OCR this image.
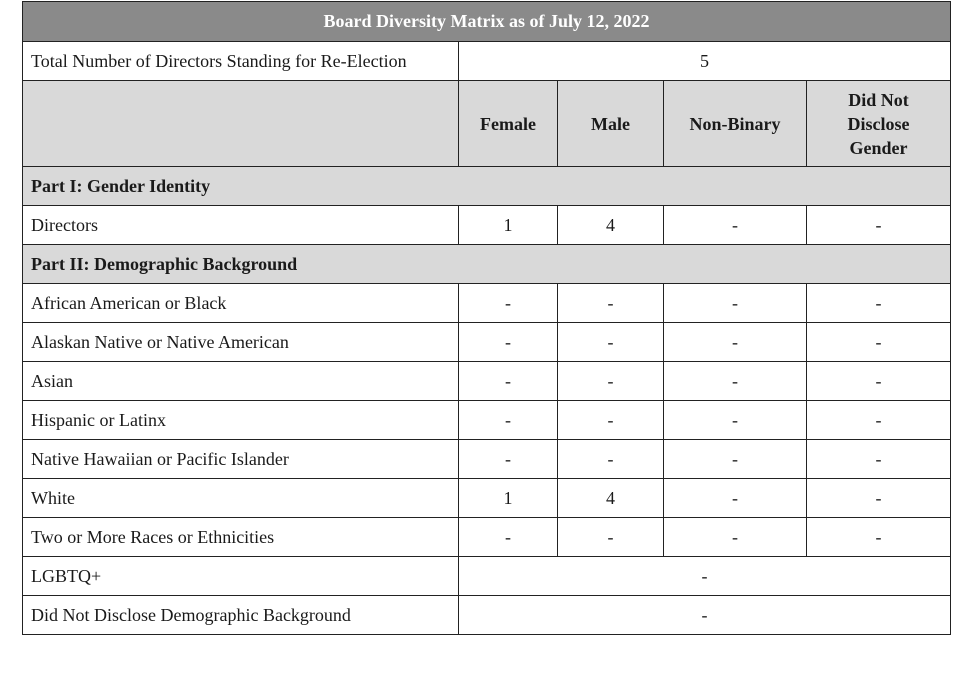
Board Diversity Matrix as of July 12, 2022				
Total Number of Directors Standing for Re-Election	5			
	Female	Male	Non-Binary	Did Not Disclose Gender
Part I: Gender Identity				
Directors	1	4	-	-
Part II: Demographic Background				
African American or Black	-	-	-	-
Alaskan Native or Native American	-	-	-	-
Asian	-	-	-	-
Hispanic or Latinx	-	-	-	-
Native Hawaiian or Pacific Islander	-	-	-	-
White	1	4	-	-
Two or More Races or Ethnicities	-	-	-	-
LGBTQ+	-			
Did Not Disclose Demographic Background	-			
